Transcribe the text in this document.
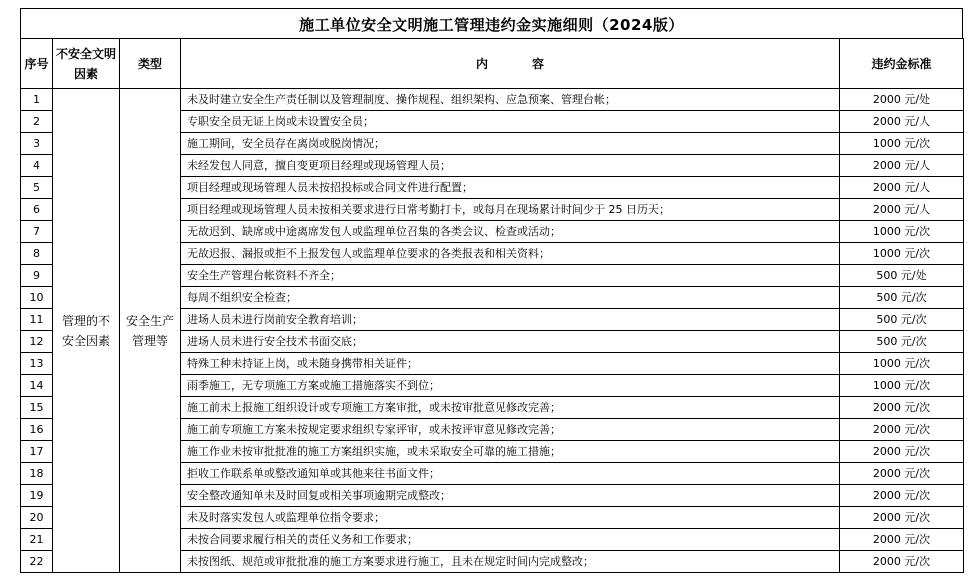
施工单位安全文明施工管理违约金实施细则（2024版）
序号	不安全文明因素	类型	内 容	违约金标准
1	管理的不安全因素	安全生产管理等	未及时建立安全生产责任制以及管理制度、操作规程、组织架构、应急预案、管理台帐；	2000 元/处
2			专职安全员无证上岗或未设置安全员；	2000 元/人
3			施工期间，安全员存在离岗或脱岗情况；	1000 元/次
4			未经发包人同意，擅自变更项目经理或现场管理人员；	2000 元/人
5			项目经理或现场管理人员未按招投标或合同文件进行配置；	2000 元/人
6			项目经理或现场管理人员未按相关要求进行日常考勤打卡，或每月在现场累计时间少于 25 日历天；	2000 元/人
7			无故迟到、缺席或中途离席发包人或监理单位召集的各类会议、检查或活动；	1000 元/次
8			无故迟报、漏报或拒不上报发包人或监理单位要求的各类报表和相关资料；	1000 元/次
9			安全生产管理台帐资料不齐全；	500 元/处
10			每周不组织安全检查；	500 元/次
11			进场人员未进行岗前安全教育培训；	500 元/次
12			进场人员未进行安全技术书面交底；	500 元/次
13			特殊工种未持证上岗，或未随身携带相关证件；	1000 元/次
14			雨季施工，无专项施工方案或施工措施落实不到位；	1000 元/次
15			施工前未上报施工组织设计或专项施工方案审批，或未按审批意见修改完善；	2000 元/次
16			施工前专项施工方案未按规定要求组织专家评审，或未按评审意见修改完善；	2000 元/次
17			施工作业未按审批批准的施工方案组织实施，或未采取安全可靠的施工措施；	2000 元/次
18			拒收工作联系单或整改通知单或其他来往书面文件；	2000 元/次
19			安全整改通知单未及时回复或相关事项逾期完成整改；	2000 元/次
20			未及时落实发包人或监理单位指令要求；	2000 元/次
21			未按合同要求履行相关的责任义务和工作要求；	2000 元/次
22			未按图纸、规范或审批批准的施工方案要求进行施工，且未在规定时间内完成整改；	2000 元/次
